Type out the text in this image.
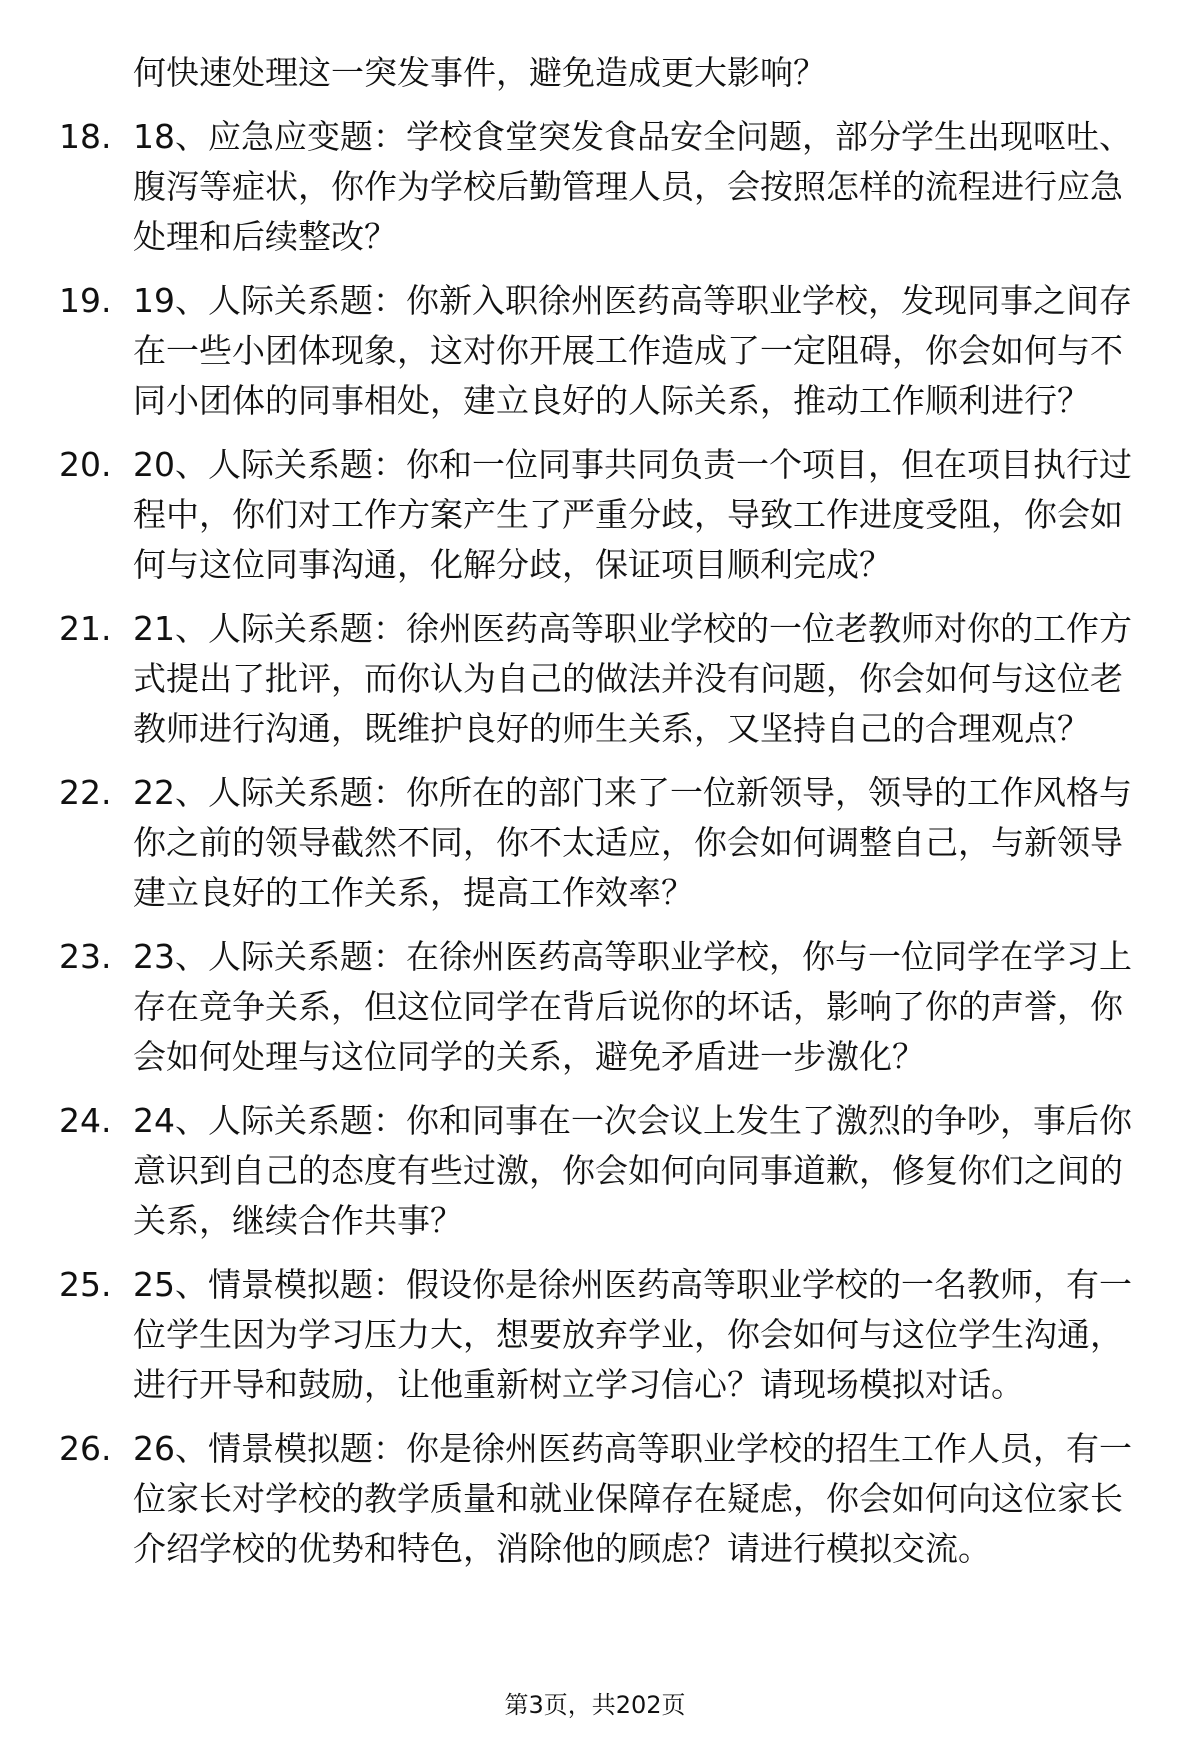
何快速处理这一突发事件，避免造成更大影响？
18. 18、应急应变题：学校食堂突发食品安全问题，部分学生出现呕吐、腹泻等症状，你作为学校后勤管理人员，会按照怎样的流程进行应急处理和后续整改？
19. 19、人际关系题：你新入职徐州医药高等职业学校，发现同事之间存在一些小团体现象，这对你开展工作造成了一定阻碍，你会如何与不同小团体的同事相处，建立良好的人际关系，推动工作顺利进行？
20. 20、人际关系题：你和一位同事共同负责一个项目，但在项目执行过程中，你们对工作方案产生了严重分歧，导致工作进度受阻，你会如何与这位同事沟通，化解分歧，保证项目顺利完成？
21. 21、人际关系题：徐州医药高等职业学校的一位老教师对你的工作方式提出了批评，而你认为自己的做法并没有问题，你会如何与这位老教师进行沟通，既维护良好的师生关系，又坚持自己的合理观点？
22. 22、人际关系题：你所在的部门来了一位新领导，领导的工作风格与你之前的领导截然不同，你不太适应，你会如何调整自己，与新领导建立良好的工作关系，提高工作效率？
23. 23、人际关系题：在徐州医药高等职业学校，你与一位同学在学习上存在竞争关系，但这位同学在背后说你的坏话，影响了你的声誉，你会如何处理与这位同学的关系，避免矛盾进一步激化？
24. 24、人际关系题：你和同事在一次会议上发生了激烈的争吵，事后你意识到自己的态度有些过激，你会如何向同事道歉，修复你们之间的关系，继续合作共事？
25. 25、情景模拟题：假设你是徐州医药高等职业学校的一名教师，有一位学生因为学习压力大，想要放弃学业，你会如何与这位学生沟通，进行开导和鼓励，让他重新树立学习信心？请现场模拟对话。
26. 26、情景模拟题：你是徐州医药高等职业学校的招生工作人员，有一位家长对学校的教学质量和就业保障存在疑虑，你会如何向这位家长介绍学校的优势和特色，消除他的顾虑？请进行模拟交流。
第3页，共202页
